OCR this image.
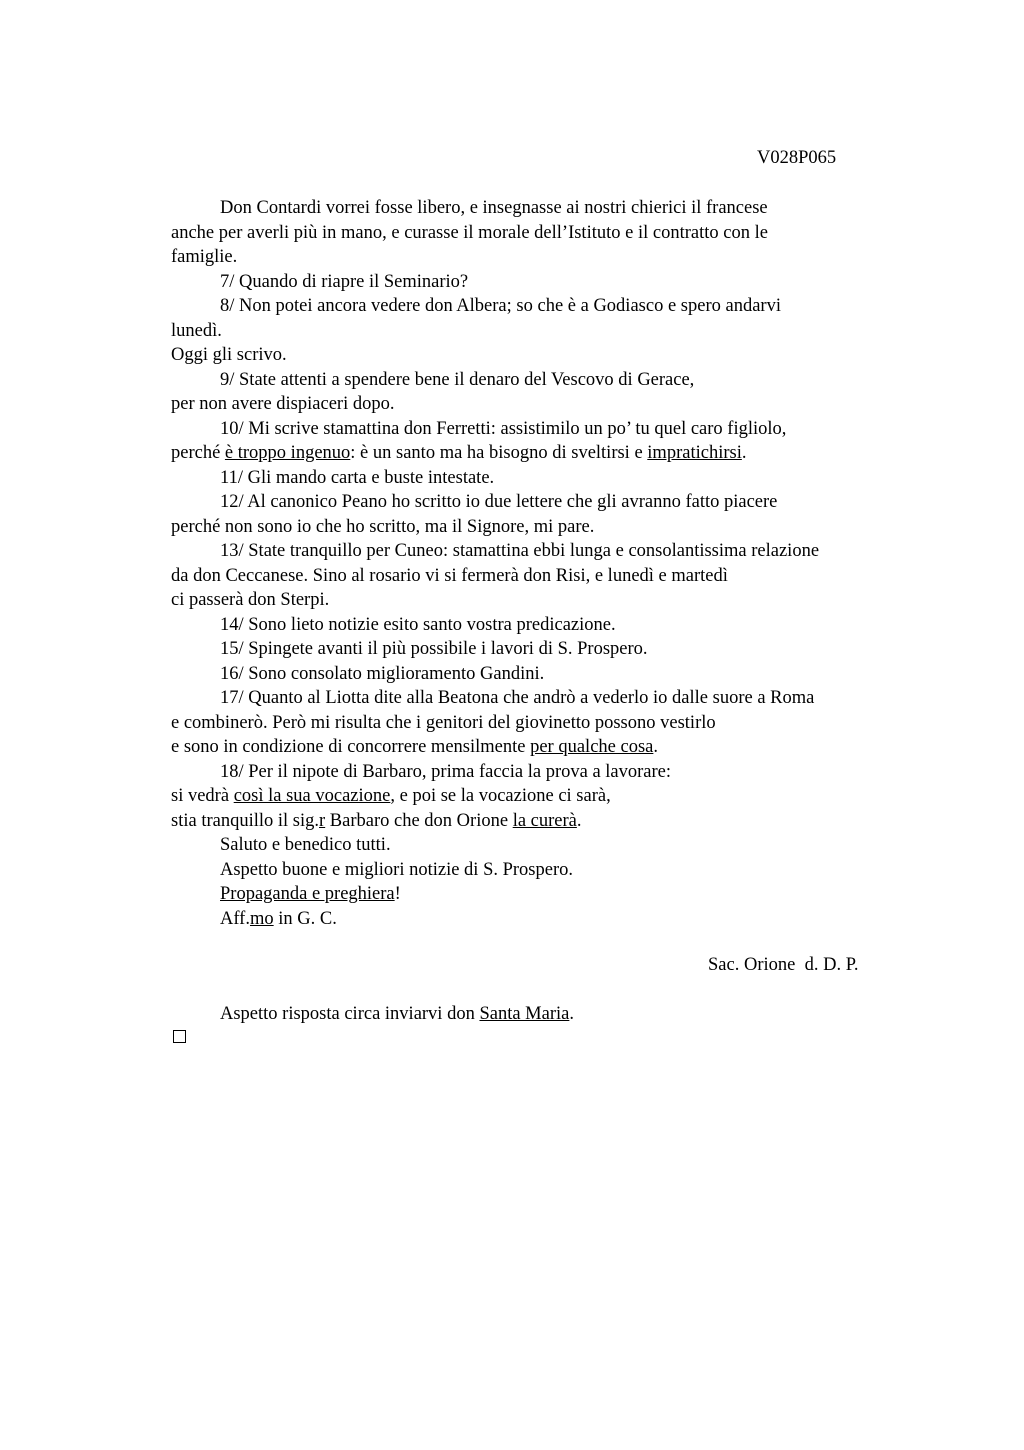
V028P065
Don Contardi vorrei fosse libero, e insegnasse ai nostri chierici il francese
anche per averli più in mano, e curasse il morale dell’Istituto e il contratto con le
famiglie.
7/ Quando di riapre il Seminario?
8/ Non potei ancora vedere don Albera; so che è a Godiasco e spero andarvi
lunedì.
Oggi gli scrivo.
9/ State attenti a spendere bene il denaro del Vescovo di Gerace,
per non avere dispiaceri dopo.
10/ Mi scrive stamattina don Ferretti: assistimilo un po’ tu quel caro figliolo,
perché è troppo ingenuo: è un santo ma ha bisogno di sveltirsi e impratichirsi.
11/ Gli mando carta e buste intestate.
12/ Al canonico Peano ho scritto io due lettere che gli avranno fatto piacere
perché non sono io che ho scritto, ma il Signore, mi pare.
13/ State tranquillo per Cuneo: stamattina ebbi lunga e consolantissima relazione
da don Ceccanese. Sino al rosario vi si fermerà don Risi, e lunedì e martedì
ci passerà don Sterpi.
14/ Sono lieto notizie esito santo vostra predicazione.
15/ Spingete avanti il più possibile i lavori di S. Prospero.
16/ Sono consolato miglioramento Gandini.
17/ Quanto al Liotta dite alla Beatona che andrò a vederlo io dalle suore a Roma
e combinerò. Però mi risulta che i genitori del giovinetto possono vestirlo
e sono in condizione di concorrere mensilmente per qualche cosa.
18/ Per il nipote di Barbaro, prima faccia la prova a lavorare:
si vedrà così la sua vocazione, e poi se la vocazione ci sarà,
stia tranquillo il sig.r Barbaro che don Orione la curerà.
Saluto e benedico tutti.
Aspetto buone e migliori notizie di S. Prospero.
Propaganda e preghiera!
Aff.mo in G. C.
Sac. Orione  d. D. P.
Aspetto risposta circa inviarvi don Santa Maria.
